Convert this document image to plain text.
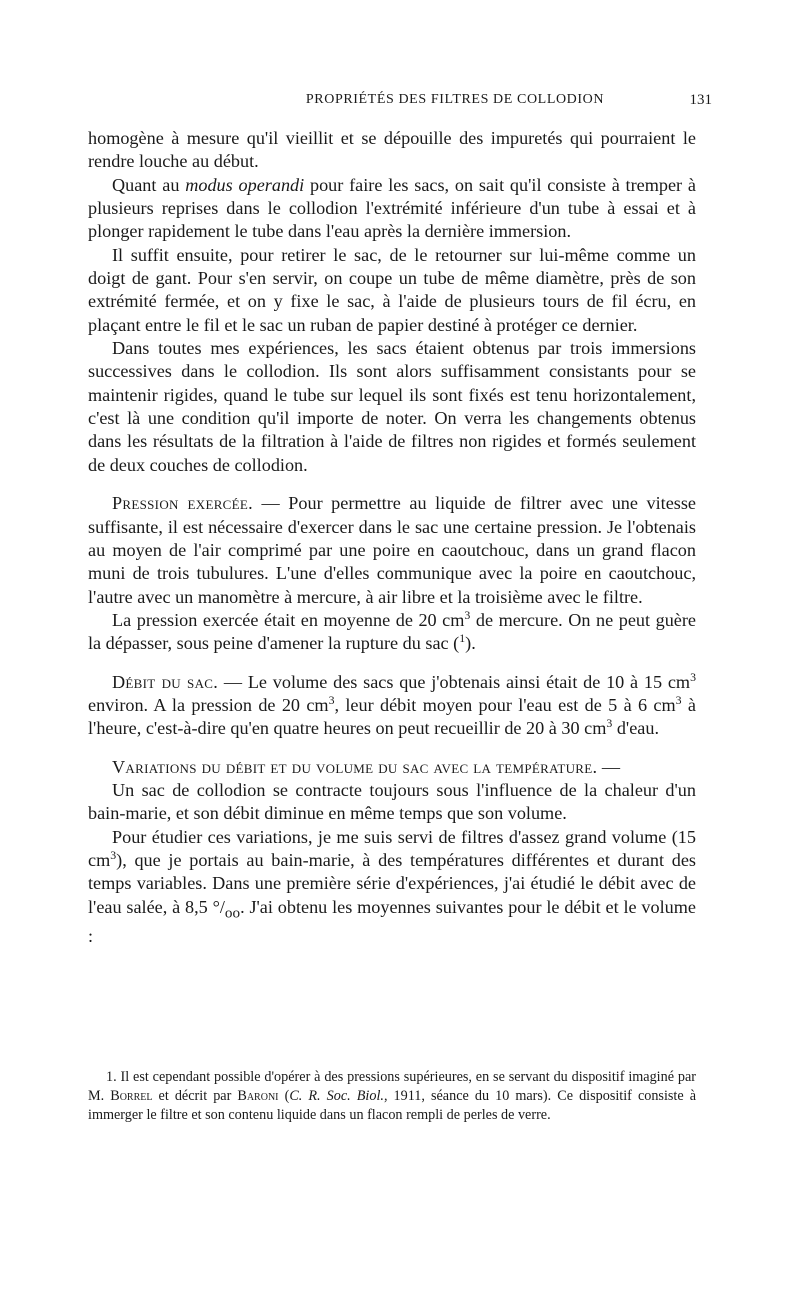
PROPRIÉTÉS DES FILTRES DE COLLODION	131

homogène à mesure qu'il vieillit et se dépouille des impuretés qui pourraient le rendre louche au début.

Quant au modus operandi pour faire les sacs, on sait qu'il consiste à tremper à plusieurs reprises dans le collodion l'extrémité inférieure d'un tube à essai et à plonger rapidement le tube dans l'eau après la dernière immersion.

Il suffit ensuite, pour retirer le sac, de le retourner sur lui-même comme un doigt de gant. Pour s'en servir, on coupe un tube de même diamètre, près de son extrémité fermée, et on y fixe le sac, à l'aide de plusieurs tours de fil écru, en plaçant entre le fil et le sac un ruban de papier destiné à protéger ce dernier.

Dans toutes mes expériences, les sacs étaient obtenus par trois immersions successives dans le collodion. Ils sont alors suffisamment consistants pour se maintenir rigides, quand le tube sur lequel ils sont fixés est tenu horizontalement, c'est là une condition qu'il importe de noter. On verra les changements obtenus dans les résultats de la filtration à l'aide de filtres non rigides et formés seulement de deux couches de collodion.

Pression exercée. — Pour permettre au liquide de filtrer avec une vitesse suffisante, il est nécessaire d'exercer dans le sac une certaine pression. Je l'obtenais au moyen de l'air comprimé par une poire en caoutchouc, dans un grand flacon muni de trois tubulures. L'une d'elles communique avec la poire en caoutchouc, l'autre avec un manomètre à mercure, à air libre et la troisième avec le filtre.

La pression exercée était en moyenne de 20 $cm^3$ de mercure. On ne peut guère la dépasser, sous peine d'amener la rupture du sac ($^1$).

Débit du sac. — Le volume des sacs que j'obtenais ainsi était de 10 à 15 $cm^3$ environ. A la pression de 20 $cm^3$, leur débit moyen pour l'eau est de 5 à 6 $cm^3$ à l'heure, c'est-à-dire qu'en quatre heures on peut recueillir de 20 à 30 $cm^3$ d'eau.

Variations du débit et du volume du sac avec la température. —

Un sac de collodion se contracte toujours sous l'influence de la chaleur d'un bain-marie, et son débit diminue en même temps que son volume.

Pour étudier ces variations, je me suis servi de filtres d'assez grand volume (15 $cm^3$), que je portais au bain-marie, à des températures différentes et durant des temps variables. Dans une première série d'expériences, j'ai étudié le débit avec de l'eau salée, à 8,5 $^\circ/_{oo}$. J'ai obtenu les moyennes suivantes pour le débit et le volume :

1. Il est cependant possible d'opérer à des pressions supérieures, en se servant du dispositif imaginé par M. Borrel et décrit par Baroni (C. R. Soc. Biol., 1911, séance du 10 mars). Ce dispositif consiste à immerger le filtre et son contenu liquide dans un flacon rempli de perles de verre.
